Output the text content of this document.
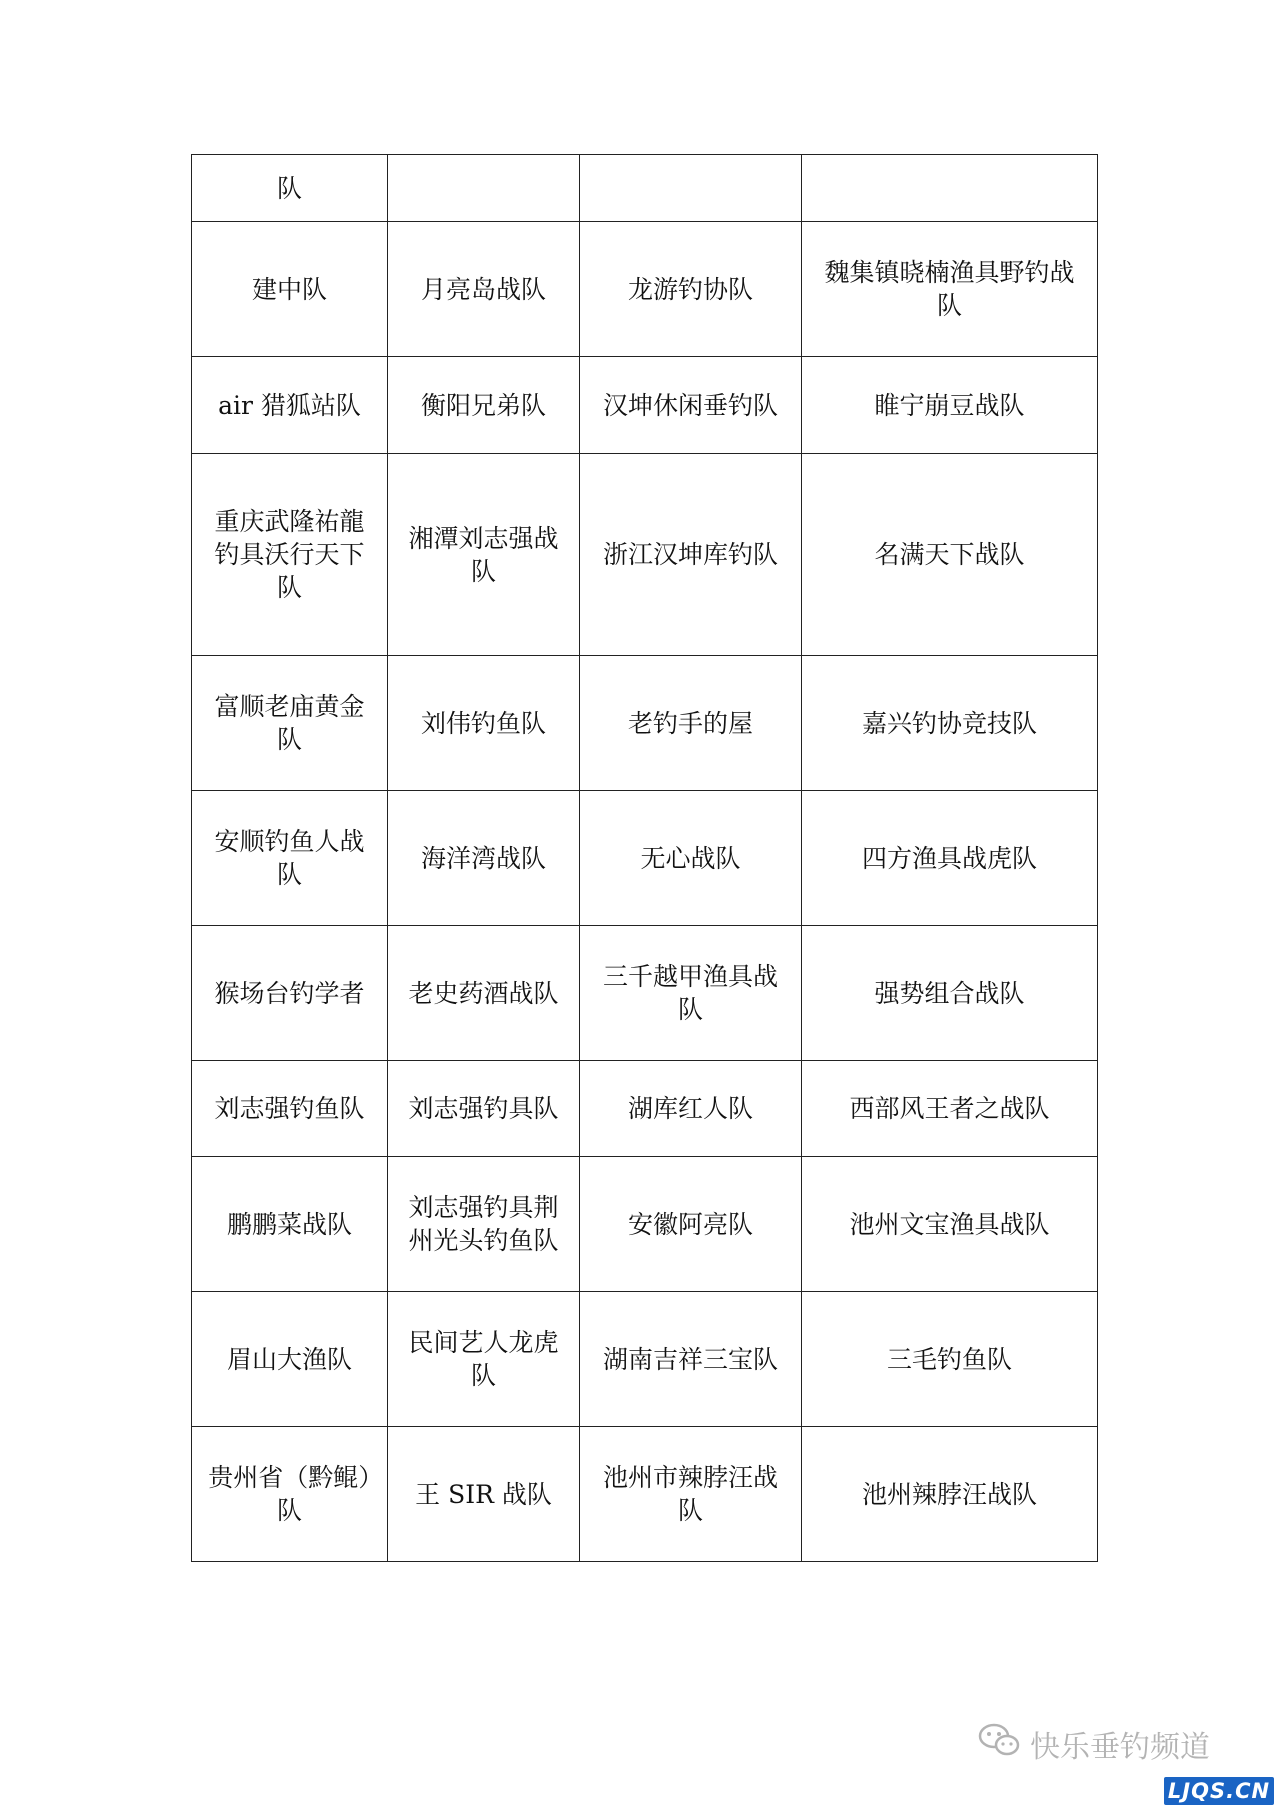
队			
建中队	月亮岛战队	龙游钓协队	魏集镇晓楠渔具野钓战队
air 猎狐站队	衡阳兄弟队	汉坤休闲垂钓队	睢宁崩豆战队
重庆武隆祐龍钓具沃行天下队	湘潭刘志强战队	浙江汉坤库钓队	名满天下战队
富顺老庙黄金队	刘伟钓鱼队	老钓手的屋	嘉兴钓协竞技队
安顺钓鱼人战队	海洋湾战队	无心战队	四方渔具战虎队
猴场台钓学者	老史药酒战队	三千越甲渔具战队	强势组合战队
刘志强钓鱼队	刘志强钓具队	湖库红人队	西部风王者之战队
鹏鹏菜战队	刘志强钓具荆州光头钓鱼队	安徽阿亮队	池州文宝渔具战队
眉山大渔队	民间艺人龙虎队	湖南吉祥三宝队	三毛钓鱼队
贵州省（黔鲲）队	王 SIR 战队	池州市辣脖汪战队	池州辣脖汪战队
快乐垂钓频道
LJQS.CN
